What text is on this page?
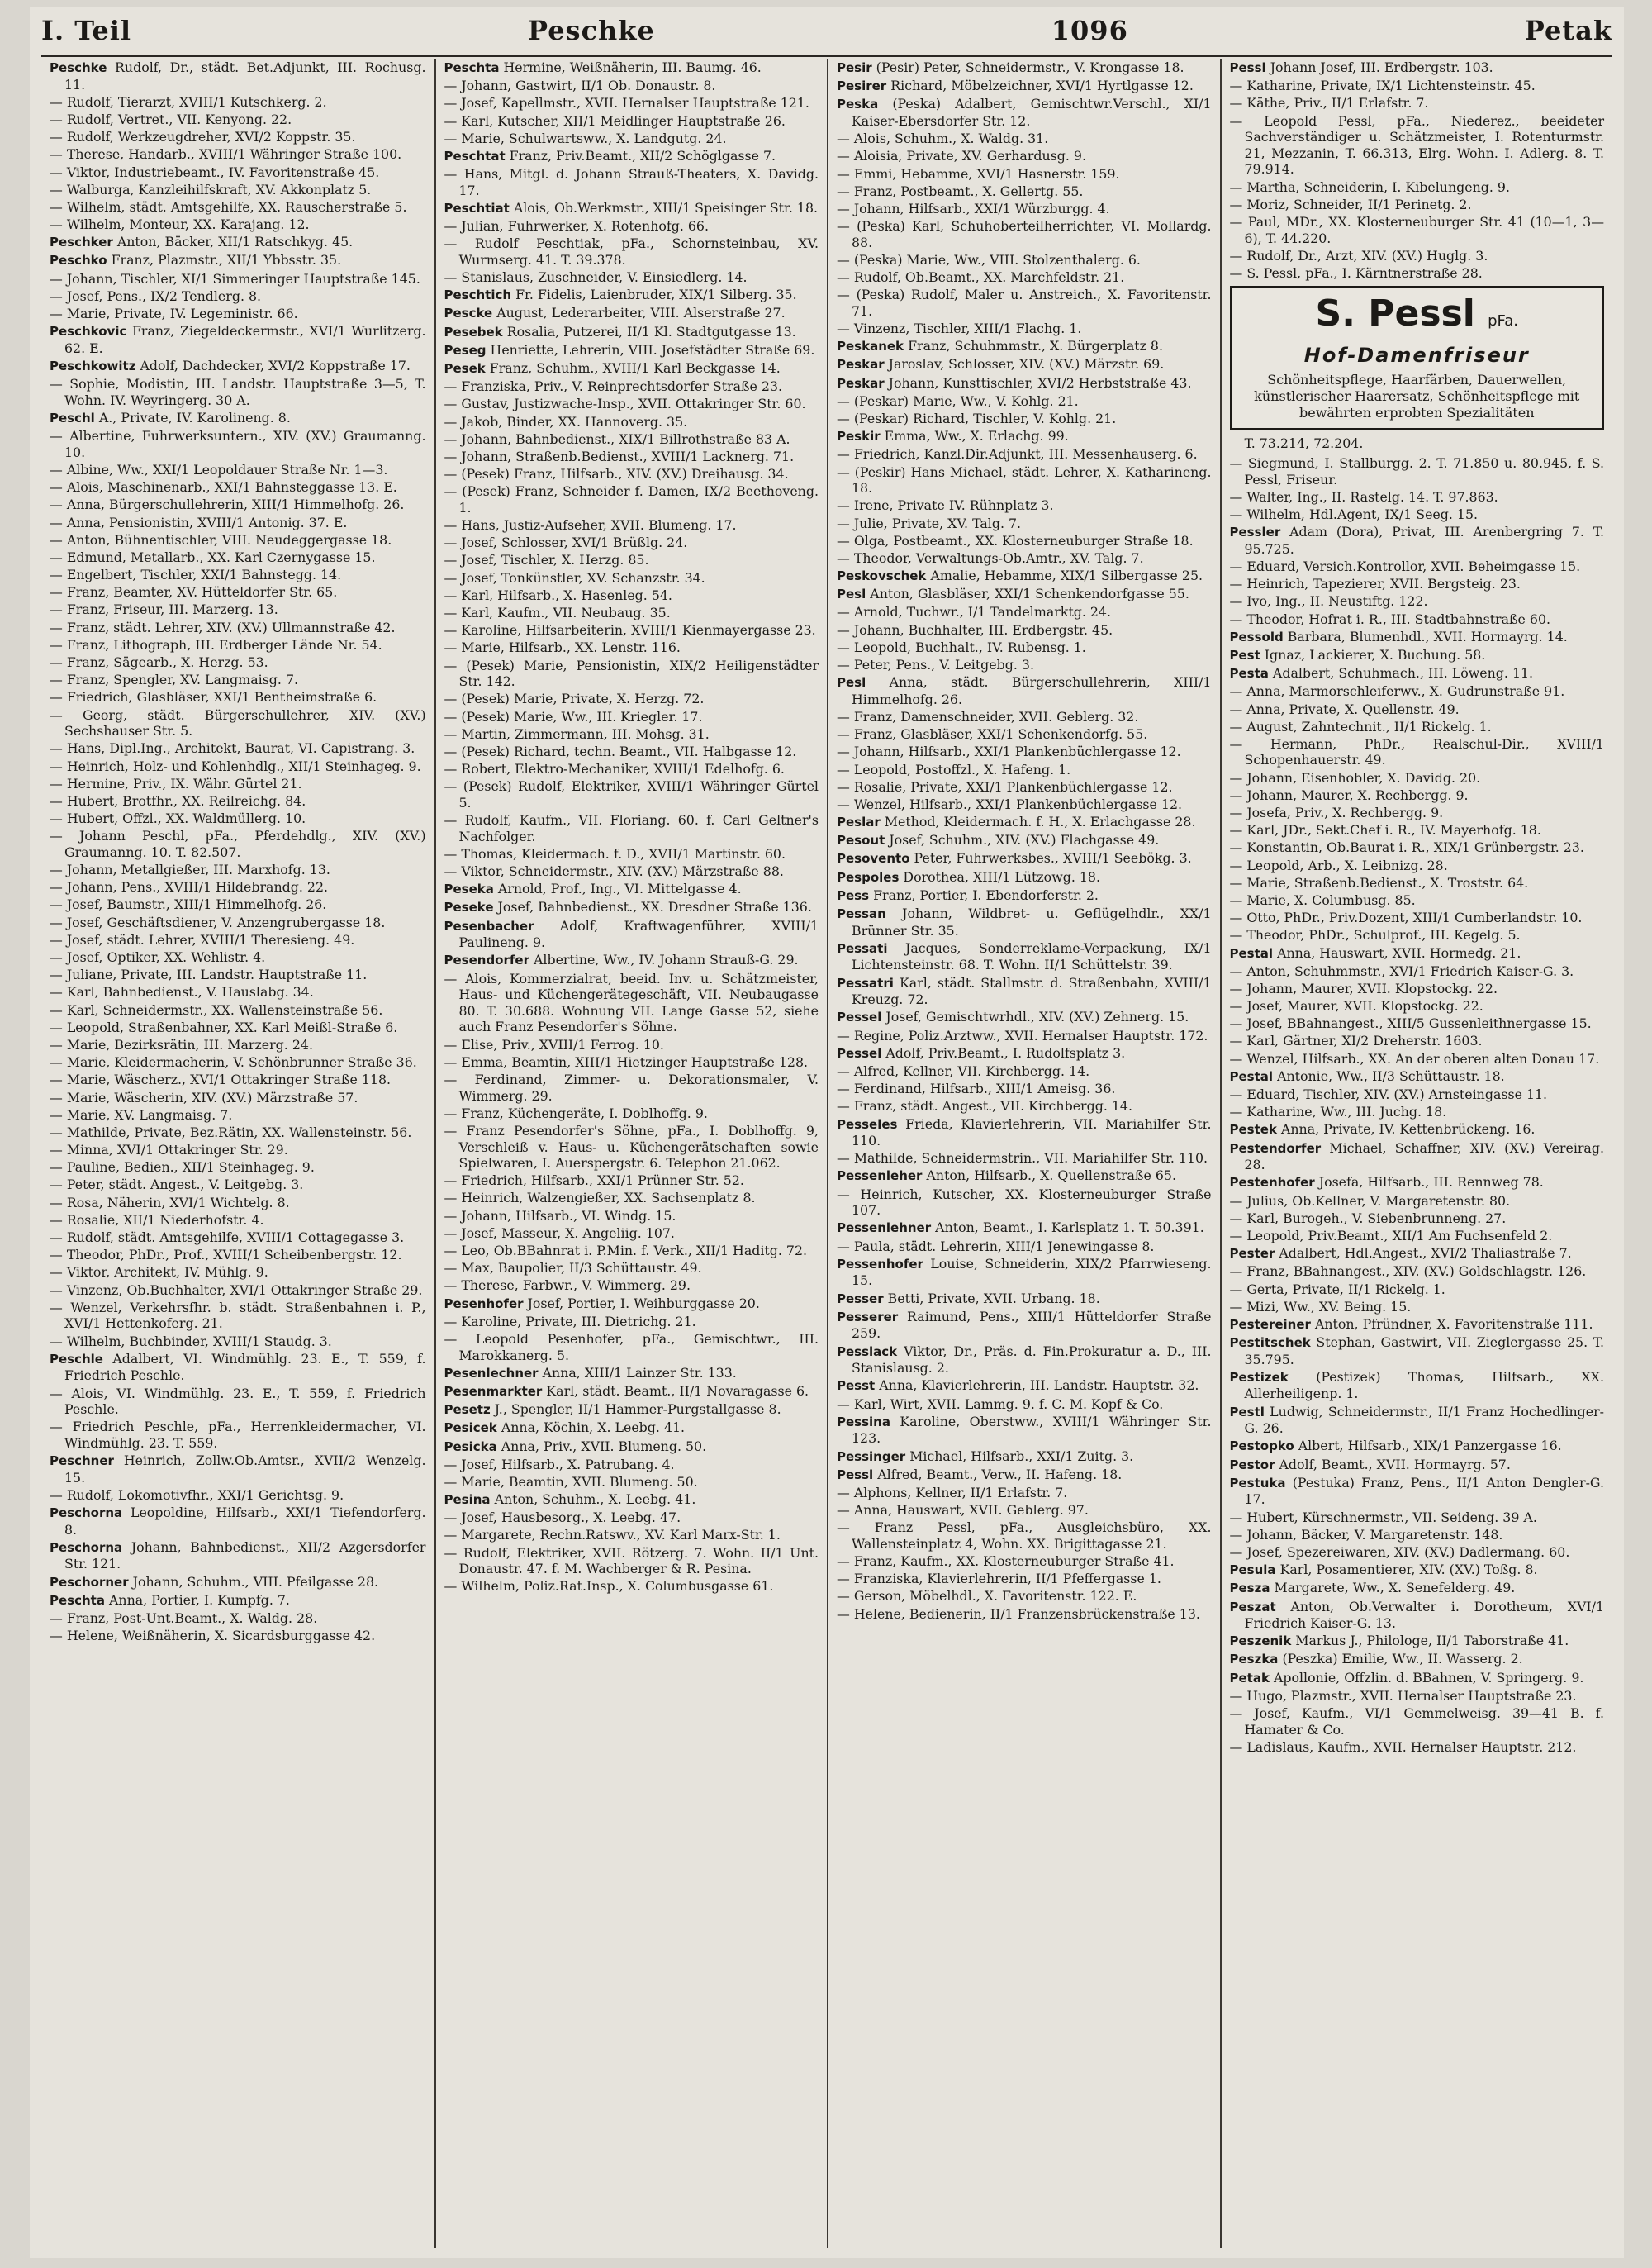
I. Teil	Peschke	1096	Petak
Peschke Rudolf, Dr., städt. Bet.Adjunkt, III. Rochusg. 11.
— Rudolf, Tierarzt, XVIII/1 Kutschkerg. 2.
— Rudolf, Vertret., VII. Kenyong. 22.
— Rudolf, Werkzeugdreher, XVI/2 Koppstr. 35.
— Therese, Handarb., XVIII/1 Währinger Straße 100.
— Viktor, Industriebeamt., IV. Favoritenstraße 45.
— Walburga, Kanzleihilfskraft, XV. Akkonplatz 5.
— Wilhelm, städt. Amtsgehilfe, XX. Rauscherstraße 5.
— Wilhelm, Monteur, XX. Karajang. 12.
Peschker Anton, Bäcker, XII/1 Ratschkyg. 45.
Peschko Franz, Plazmstr., XII/1 Ybbsstr. 35.
— Johann, Tischler, XI/1 Simmeringer Hauptstraße 145.
— Josef, Pens., IX/2 Tendlerg. 8.
— Marie, Private, IV. Legeministr. 66.
Peschkovic Franz, Ziegeldeckermstr., XVI/1 Wurlitzerg. 62. E.
Peschkowitz Adolf, Dachdecker, XVI/2 Koppstraße 17.
— Sophie, Modistin, III. Landstr. Hauptstraße 3—5, T. Wohn. IV. Weyringerg. 30 A.
Peschl A., Private, IV. Karolineng. 8.
— Albertine, Fuhrwerksuntern., XIV. (XV.) Graumanng. 10.
— Albine, Ww., XXI/1 Leopoldauer Straße Nr. 1—3.
— Alois, Maschinenarb., XXI/1 Bahnsteggasse 13. E.
— Anna, Bürgerschullehrerin, XIII/1 Himmelhofg. 26.
— Anna, Pensionistin, XVIII/1 Antonig. 37. E.
— Anton, Bühnentischler, VIII. Neudeggergasse 18.
— Edmund, Metallarb., XX. Karl Czernygasse 15.
— Engelbert, Tischler, XXI/1 Bahnstegg. 14.
— Franz, Beamter, XV. Hütteldorfer Str. 65.
— Franz, Friseur, III. Marzerg. 13.
— Franz, städt. Lehrer, XIV. (XV.) Ullmannstraße 42.
— Franz, Lithograph, III. Erdberger Lände Nr. 54.
— Franz, Sägearb., X. Herzg. 53.
— Franz, Spengler, XV. Langmaisg. 7.
— Friedrich, Glasbläser, XXI/1 Bentheimstraße 6.
— Georg, städt. Bürgerschullehrer, XIV. (XV.) Sechshauser Str. 5.
— Hans, Dipl.Ing., Architekt, Baurat, VI. Capistrang. 3.
— Heinrich, Holz- und Kohlenhdlg., XII/1 Steinhageg. 9.
— Hermine, Priv., IX. Währ. Gürtel 21.
— Hubert, Brotfhr., XX. Reilreichg. 84.
— Hubert, Offzl., XX. Waldmüllerg. 10.
— Johann Peschl, pFa., Pferdehdlg., XIV. (XV.) Graumanng. 10. T. 82.507.
— Johann, Metallgießer, III. Marxhofg. 13.
— Johann, Pens., XVIII/1 Hildebrandg. 22.
— Josef, Baumstr., XIII/1 Himmelhofg. 26.
— Josef, Geschäftsdiener, V. Anzengrubergasse 18.
— Josef, städt. Lehrer, XVIII/1 Theresieng. 49.
— Josef, Optiker, XX. Wehlistr. 4.
— Juliane, Private, III. Landstr. Hauptstraße 11.
— Karl, Bahnbedienst., V. Hauslabg. 34.
— Karl, Schneidermstr., XX. Wallensteinstraße 56.
— Leopold, Straßenbahner, XX. Karl Meißl-Straße 6.
— Marie, Bezirksrätin, III. Marzerg. 24.
— Marie, Kleidermacherin, V. Schönbrunner Straße 36.
— Marie, Wäscherz., XVI/1 Ottakringer Straße 118.
— Marie, Wäscherin, XIV. (XV.) Märzstraße 57.
— Marie, XV. Langmaisg. 7.
— Mathilde, Private, Bez.Rätin, XX. Wallensteinstr. 56.
— Minna, XVI/1 Ottakringer Str. 29.
— Pauline, Bedien., XII/1 Steinhageg. 9.
— Peter, städt. Angest., V. Leitgebg. 3.
— Rosa, Näherin, XVI/1 Wichtelg. 8.
— Rosalie, XII/1 Niederhofstr. 4.
— Rudolf, städt. Amtsgehilfe, XVIII/1 Cottagegasse 3.
— Theodor, PhDr., Prof., XVIII/1 Scheibenbergstr. 12.
— Viktor, Architekt, IV. Mühlg. 9.
— Vinzenz, Ob.Buchhalter, XVI/1 Ottakringer Straße 29.
— Wenzel, Verkehrsfhr. b. städt. Straßenbahnen i. P., XVI/1 Hettenkoferg. 21.
— Wilhelm, Buchbinder, XVIII/1 Staudg. 3.
Peschle Adalbert, VI. Windmühlg. 23. E., T. 559, f. Friedrich Peschle.
— Alois, VI. Windmühlg. 23. E., T. 559, f. Friedrich Peschle.
— Friedrich Peschle, pFa., Herrenkleidermacher, VI. Windmühlg. 23. T. 559.
Peschner Heinrich, Zollw.Ob.Amtsr., XVII/2 Wenzelg. 15.
— Rudolf, Lokomotivfhr., XXI/1 Gerichtsg. 9.
Peschorna Leopoldine, Hilfsarb., XXI/1 Tiefendorferg. 8.
Peschorna Johann, Bahnbedienst., XII/2 Azgersdorfer Str. 121.
Peschorner Johann, Schuhm., VIII. Pfeilgasse 28.
Peschta Anna, Portier, I. Kumpfg. 7.
— Franz, Post-Unt.Beamt., X. Waldg. 28.
— Helene, Weißnäherin, X. Sicardsburggasse 42.
Peschta Hermine, Weißnäherin, III. Baumg. 46.
— Johann, Gastwirt, II/1 Ob. Donaustr. 8.
— Josef, Kapellmstr., XVII. Hernalser Hauptstraße 121.
— Karl, Kutscher, XII/1 Meidlinger Hauptstraße 26.
— Marie, Schulwartsww., X. Landgutg. 24.
Peschtat Franz, Priv.Beamt., XII/2 Schöglgasse 7.
— Hans, Mitgl. d. Johann Strauß-Theaters, X. Davidg. 17.
Peschtiat Alois, Ob.Werkmstr., XIII/1 Speisinger Str. 18.
— Julian, Fuhrwerker, X. Rotenhofg. 66.
— Rudolf Peschtiak, pFa., Schornsteinbau, XV. Wurmserg. 41. T. 39.378.
— Stanislaus, Zuschneider, V. Einsiedlerg. 14.
Peschtich Fr. Fidelis, Laienbruder, XIX/1 Silberg. 35.
Pescke August, Lederarbeiter, VIII. Alserstraße 27.
Pesebek Rosalia, Putzerei, II/1 Kl. Stadtgutgasse 13.
Peseg Henriette, Lehrerin, VIII. Josefstädter Straße 69.
Pesek Franz, Schuhm., XVIII/1 Karl Beckgasse 14.
— Franziska, Priv., V. Reinprechtsdorfer Straße 23.
— Gustav, Justizwache-Insp., XVII. Ottakringer Str. 60.
— Jakob, Binder, XX. Hannoverg. 35.
— Johann, Bahnbedienst., XIX/1 Billrothstraße 83 A.
— Johann, Straßenb.Bedienst., XVIII/1 Lacknerg. 71.
— (Pesek) Franz, Hilfsarb., XIV. (XV.) Dreihausg. 34.
— (Pesek) Franz, Schneider f. Damen, IX/2 Beethoveng. 1.
— Hans, Justiz-Aufseher, XVII. Blumeng. 17.
— Josef, Schlosser, XVI/1 Brüßlg. 24.
— Josef, Tischler, X. Herzg. 85.
— Josef, Tonkünstler, XV. Schanzstr. 34.
— Karl, Hilfsarb., X. Hasenleg. 54.
— Karl, Kaufm., VII. Neubaug. 35.
— Karoline, Hilfsarbeiterin, XVIII/1 Kienmayergasse 23.
— Marie, Hilfsarb., XX. Lenstr. 116.
— (Pesek) Marie, Pensionistin, XIX/2 Heiligenstädter Str. 142.
— (Pesek) Marie, Private, X. Herzg. 72.
— (Pesek) Marie, Ww., III. Kriegler. 17.
— Martin, Zimmermann, III. Mohsg. 31.
— (Pesek) Richard, techn. Beamt., VII. Halbgasse 12.
— Robert, Elektro-Mechaniker, XVIII/1 Edelhofg. 6.
— (Pesek) Rudolf, Elektriker, XVIII/1 Währinger Gürtel 5.
— Rudolf, Kaufm., VII. Floriang. 60. f. Carl Geltner's Nachfolger.
— Thomas, Kleidermach. f. D., XVII/1 Martinstr. 60.
— Viktor, Schneidermstr., XIV. (XV.) Märzstraße 88.
Peseka Arnold, Prof., Ing., VI. Mittelgasse 4.
Peseke Josef, Bahnbedienst., XX. Dresdner Straße 136.
Pesenbacher Adolf, Kraftwagenführer, XVIII/1 Paulineng. 9.
Pesendorfer Albertine, Ww., IV. Johann Strauß-G. 29.
— Alois, Kommerzialrat, beeid. Inv. u. Schätzmeister, Haus- und Küchengerätegeschäft, VII. Neubaugasse 80. T. 30.688. Wohnung VII. Lange Gasse 52, siehe auch Franz Pesendorfer's Söhne.
— Elise, Priv., XVIII/1 Ferrog. 10.
— Emma, Beamtin, XIII/1 Hietzinger Hauptstraße 128.
— Ferdinand, Zimmer- u. Dekorationsmaler, V. Wimmerg. 29.
— Franz, Küchengeräte, I. Doblhoffg. 9.
— Franz Pesendorfer's Söhne, pFa., I. Doblhoffg. 9, Verschleiß v. Haus- u. Küchengerätschaften sowie Spielwaren, I. Auerspergstr. 6. Telephon 21.062.
— Friedrich, Hilfsarb., XXI/1 Prünner Str. 52.
— Heinrich, Walzengießer, XX. Sachsenplatz 8.
— Johann, Hilfsarb., VI. Windg. 15.
— Josef, Masseur, X. Angeliig. 107.
— Leo, Ob.BBahnrat i. P.Min. f. Verk., XII/1 Haditg. 72.
— Max, Baupolier, II/3 Schüttaustr. 49.
— Therese, Farbwr., V. Wimmerg. 29.
Pesenhofer Josef, Portier, I. Weihburggasse 20.
— Karoline, Private, III. Dietrichg. 21.
— Leopold Pesenhofer, pFa., Gemischtwr., III. Marokkanerg. 5.
Pesenlechner Anna, XIII/1 Lainzer Str. 133.
Pesenmarkter Karl, städt. Beamt., II/1 Novaragasse 6.
Pesetz J., Spengler, II/1 Hammer-Purgstallgasse 8.
Pesicek Anna, Köchin, X. Leebg. 41.
Pesicka Anna, Priv., XVII. Blumeng. 50.
— Josef, Hilfsarb., X. Patrubang. 4.
— Marie, Beamtin, XVII. Blumeng. 50.
Pesina Anton, Schuhm., X. Leebg. 41.
— Josef, Hausbesorg., X. Leebg. 47.
— Margarete, Rechn.Ratswv., XV. Karl Marx-Str. 1.
— Rudolf, Elektriker, XVII. Rötzerg. 7. Wohn. II/1 Unt. Donaustr. 47. f. M. Wachberger & R. Pesina.
— Wilhelm, Poliz.Rat.Insp., X. Columbusgasse 61.
Pesir (Pesir) Peter, Schneidermstr., V. Krongasse 18.
Pesirer Richard, Möbelzeichner, XVI/1 Hyrtlgasse 12.
Peska (Peska) Adalbert, Gemischtwr.Verschl., XI/1 Kaiser-Ebersdorfer Str. 12.
— Alois, Schuhm., X. Waldg. 31.
— Aloisia, Private, XV. Gerhardusg. 9.
— Emmi, Hebamme, XVI/1 Hasnerstr. 159.
— Franz, Postbeamt., X. Gellertg. 55.
— Johann, Hilfsarb., XXI/1 Würzburgg. 4.
— (Peska) Karl, Schuhoberteilherrichter, VI. Mollardg. 88.
— (Peska) Marie, Ww., VIII. Stolzenthalerg. 6.
— Rudolf, Ob.Beamt., XX. Marchfeldstr. 21.
— (Peska) Rudolf, Maler u. Anstreich., X. Favoritenstr. 71.
— Vinzenz, Tischler, XIII/1 Flachg. 1.
Peskanek Franz, Schuhmmstr., X. Bürgerplatz 8.
Peskar Jaroslav, Schlosser, XIV. (XV.) Märzstr. 69.
Peskar Johann, Kunsttischler, XVI/2 Herbststraße 43.
— (Peskar) Marie, Ww., V. Kohlg. 21.
— (Peskar) Richard, Tischler, V. Kohlg. 21.
Peskir Emma, Ww., X. Erlachg. 99.
— Friedrich, Kanzl.Dir.Adjunkt, III. Messenhauserg. 6.
— (Peskir) Hans Michael, städt. Lehrer, X. Katharineng. 18.
— Irene, Private IV. Rühnplatz 3.
— Julie, Private, XV. Talg. 7.
— Olga, Postbeamt., XX. Klosterneuburger Straße 18.
— Theodor, Verwaltungs-Ob.Amtr., XV. Talg. 7.
Peskovschek Amalie, Hebamme, XIX/1 Silbergasse 25.
Pesl Anton, Glasbläser, XXI/1 Schenkendorfgasse 55.
— Arnold, Tuchwr., I/1 Tandelmarktg. 24.
— Johann, Buchhalter, III. Erdbergstr. 45.
— Leopold, Buchhalt., IV. Rubensg. 1.
— Peter, Pens., V. Leitgebg. 3.
Pesl Anna, städt. Bürgerschullehrerin, XIII/1 Himmelhofg. 26.
— Franz, Damenschneider, XVII. Geblerg. 32.
— Franz, Glasbläser, XXI/1 Schenkendorfg. 55.
— Johann, Hilfsarb., XXI/1 Plankenbüchlergasse 12.
— Leopold, Postoffzl., X. Hafeng. 1.
— Rosalie, Private, XXI/1 Plankenbüchlergasse 12.
— Wenzel, Hilfsarb., XXI/1 Plankenbüchlergasse 12.
Peslar Method, Kleidermach. f. H., X. Erlachgasse 28.
Pesout Josef, Schuhm., XIV. (XV.) Flachgasse 49.
Pesovento Peter, Fuhrwerksbes., XVIII/1 Seebökg. 3.
Pespoles Dorothea, XIII/1 Lützowg. 18.
Pess Franz, Portier, I. Ebendorferstr. 2.
Pessan Johann, Wildbret- u. Geflügelhdlr., XX/1 Brünner Str. 35.
Pessati Jacques, Sonderreklame-Verpackung, IX/1 Lichtensteinstr. 68. T. Wohn. II/1 Schüttelstr. 39.
Pessatri Karl, städt. Stallmstr. d. Straßenbahn, XVIII/1 Kreuzg. 72.
Pessel Josef, Gemischtwrhdl., XIV. (XV.) Zehnerg. 15.
— Regine, Poliz.Arztww., XVII. Hernalser Hauptstr. 172.
Pessel Adolf, Priv.Beamt., I. Rudolfsplatz 3.
— Alfred, Kellner, VII. Kirchbergg. 14.
— Ferdinand, Hilfsarb., XIII/1 Ameisg. 36.
— Franz, städt. Angest., VII. Kirchbergg. 14.
Pesseles Frieda, Klavierlehrerin, VII. Mariahilfer Str. 110.
— Mathilde, Schneidermstrin., VII. Mariahilfer Str. 110.
Pessenleher Anton, Hilfsarb., X. Quellenstraße 65.
— Heinrich, Kutscher, XX. Klosterneuburger Straße 107.
Pessenlehner Anton, Beamt., I. Karlsplatz 1. T. 50.391.
— Paula, städt. Lehrerin, XIII/1 Jenewingasse 8.
Pessenhofer Louise, Schneiderin, XIX/2 Pfarrwieseng. 15.
Pesser Betti, Private, XVII. Urbang. 18.
Pesserer Raimund, Pens., XIII/1 Hütteldorfer Straße 259.
Pesslack Viktor, Dr., Präs. d. Fin.Prokuratur a. D., III. Stanislausg. 2.
Pesst Anna, Klavierlehrerin, III. Landstr. Hauptstr. 32.
— Karl, Wirt, XVII. Lammg. 9. f. C. M. Kopf & Co.
Pessina Karoline, Oberstww., XVIII/1 Währinger Str. 123.
Pessinger Michael, Hilfsarb., XXI/1 Zuitg. 3.
Pessl Alfred, Beamt., Verw., II. Hafeng. 18.
— Alphons, Kellner, II/1 Erlafstr. 7.
— Anna, Hauswart, XVII. Geblerg. 97.
— Franz Pessl, pFa., Ausgleichsbüro, XX. Wallensteinplatz 4, Wohn. XX. Brigittagasse 21.
— Franz, Kaufm., XX. Klosterneuburger Straße 41.
— Franziska, Klavierlehrerin, II/1 Pfeffergasse 1.
— Gerson, Möbelhdl., X. Favoritenstr. 122. E.
— Helene, Bedienerin, II/1 Franzensbrückenstraße 13.
Pessl Johann Josef, III. Erdbergstr. 103.
— Katharine, Private, IX/1 Lichtensteinstr. 45.
— Käthe, Priv., II/1 Erlafstr. 7.
— Leopold Pessl, pFa., Niederez., beeideter Sachverständiger u. Schätzmeister, I. Rotenturmstr. 21, Mezzanin, T. 66.313, Elrg. Wohn. I. Adlerg. 8. T. 79.914.
— Martha, Schneiderin, I. Kibelungeng. 9.
— Moriz, Schneider, II/1 Perinetg. 2.
— Paul, MDr., XX. Klosterneuburger Str. 41 (10—1, 3—6), T. 44.220.
— Rudolf, Dr., Arzt, XIV. (XV.) Huglg. 3.
— S. Pessl, pFa., I. Kärntnerstraße 28.
S. Pessl pFa.
Hof-Damenfriseur
Schönheitspflege, Haarfärben, Dauerwellen, künstlerischer Haarersatz, Schönheitspflege mit bewährten erprobten Spezialitäten
T. 73.214, 72.204.
— Siegmund, I. Stallburgg. 2. T. 71.850 u. 80.945, f. S. Pessl, Friseur.
— Walter, Ing., II. Rastelg. 14. T. 97.863.
— Wilhelm, Hdl.Agent, IX/1 Seeg. 15.
Pessler Adam (Dora), Privat, III. Arenbergring 7. T. 95.725.
— Eduard, Versich.Kontrollor, XVII. Beheimgasse 15.
— Heinrich, Tapezierer, XVII. Bergsteig. 23.
— Ivo, Ing., II. Neustiftg. 122.
— Theodor, Hofrat i. R., III. Stadtbahnstraße 60.
Pessold Barbara, Blumenhdl., XVII. Hormayrg. 14.
Pest Ignaz, Lackierer, X. Buchung. 58.
Pesta Adalbert, Schuhmach., III. Löweng. 11.
— Anna, Marmorschleiferwv., X. Gudrunstraße 91.
— Anna, Private, X. Quellenstr. 49.
— August, Zahntechnit., II/1 Rickelg. 1.
— Hermann, PhDr., Realschul-Dir., XVIII/1 Schopenhauerstr. 49.
— Johann, Eisenhobler, X. Davidg. 20.
— Johann, Maurer, X. Rechbergg. 9.
— Josefa, Priv., X. Rechbergg. 9.
— Karl, JDr., Sekt.Chef i. R., IV. Mayerhofg. 18.
— Konstantin, Ob.Baurat i. R., XIX/1 Grünbergstr. 23.
— Leopold, Arb., X. Leibnizg. 28.
— Marie, Straßenb.Bedienst., X. Troststr. 64.
— Marie, X. Columbusg. 85.
— Otto, PhDr., Priv.Dozent, XIII/1 Cumberlandstr. 10.
— Theodor, PhDr., Schulprof., III. Kegelg. 5.
Pestal Anna, Hauswart, XVII. Hormedg. 21.
— Anton, Schuhmmstr., XVI/1 Friedrich Kaiser-G. 3.
— Johann, Maurer, XVII. Klopstockg. 22.
— Josef, Maurer, XVII. Klopstockg. 22.
— Josef, BBahnangest., XIII/5 Gussenleithnergasse 15.
— Karl, Gärtner, XI/2 Dreherstr. 1603.
— Wenzel, Hilfsarb., XX. An der oberen alten Donau 17.
Pestal Antonie, Ww., II/3 Schüttaustr. 18.
— Eduard, Tischler, XIV. (XV.) Arnsteingasse 11.
— Katharine, Ww., III. Juchg. 18.
Pestek Anna, Private, IV. Kettenbrückeng. 16.
Pestendorfer Michael, Schaffner, XIV. (XV.) Vereirag. 28.
Pestenhofer Josefa, Hilfsarb., III. Rennweg 78.
— Julius, Ob.Kellner, V. Margaretenstr. 80.
— Karl, Burogeh., V. Siebenbrunneng. 27.
— Leopold, Priv.Beamt., XII/1 Am Fuchsenfeld 2.
Pester Adalbert, Hdl.Angest., XVI/2 Thaliastraße 7.
— Franz, BBahnangest., XIV. (XV.) Goldschlagstr. 126.
— Gerta, Private, II/1 Rickelg. 1.
— Mizi, Ww., XV. Being. 15.
Pestereiner Anton, Pfründner, X. Favoritenstraße 111.
Pestitschek Stephan, Gastwirt, VII. Zieglergasse 25. T. 35.795.
Pestizek (Pestizek) Thomas, Hilfsarb., XX. Allerheiligenp. 1.
Pestl Ludwig, Schneidermstr., II/1 Franz Hochedlinger-G. 26.
Pestopko Albert, Hilfsarb., XIX/1 Panzergasse 16.
Pestor Adolf, Beamt., XVII. Hormayrg. 57.
Pestuka (Pestuka) Franz, Pens., II/1 Anton Dengler-G. 17.
— Hubert, Kürschnermstr., VII. Seideng. 39 A.
— Johann, Bäcker, V. Margaretenstr. 148.
— Josef, Spezereiwaren, XIV. (XV.) Dadlermang. 60.
Pesula Karl, Posamentierer, XIV. (XV.) Toßg. 8.
Pesza Margarete, Ww., X. Senefelderg. 49.
Peszat Anton, Ob.Verwalter i. Dorotheum, XVI/1 Friedrich Kaiser-G. 13.
Peszenik Markus J., Philologe, II/1 Taborstraße 41.
Peszka (Peszka) Emilie, Ww., II. Wasserg. 2.
Petak Apollonie, Offzlin. d. BBahnen, V. Springerg. 9.
— Hugo, Plazmstr., XVII. Hernalser Hauptstraße 23.
— Josef, Kaufm., VI/1 Gemmelweisg. 39—41 B. f. Hamater & Co.
— Ladislaus, Kaufm., XVII. Hernalser Hauptstr. 212.
